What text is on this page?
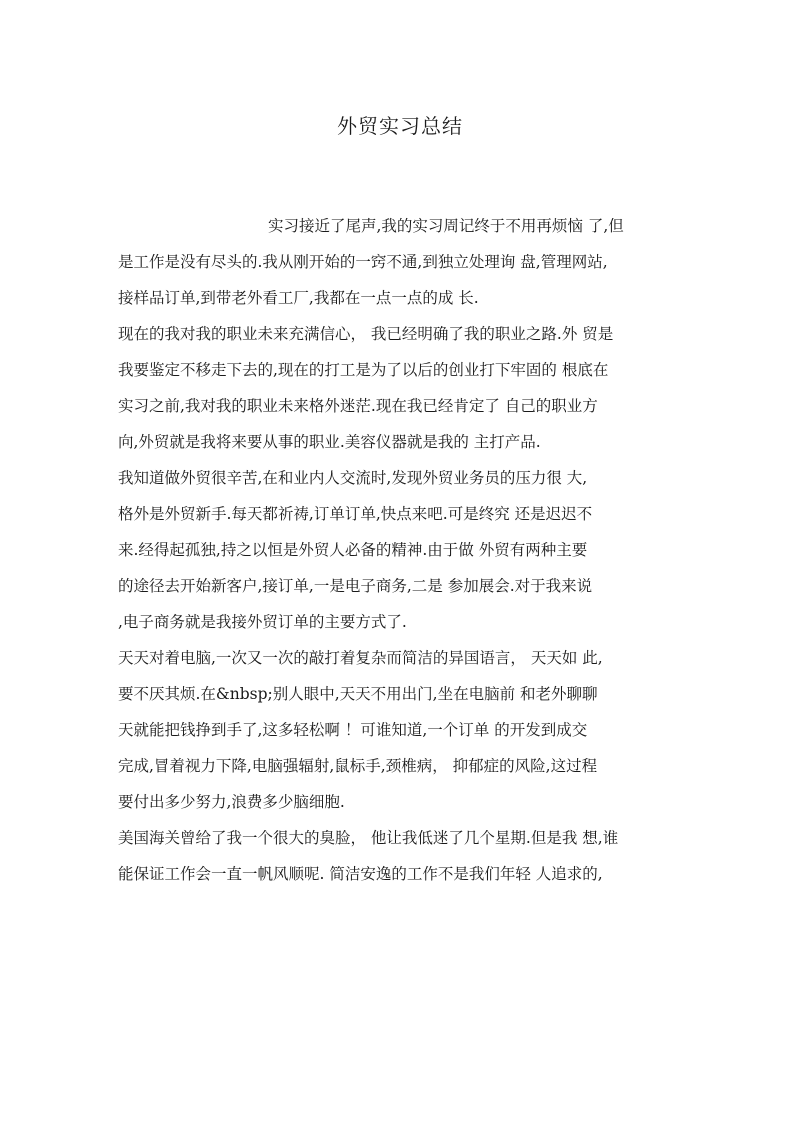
外贸实习总结
实习接近了尾声,我的实习周记终于不用再烦恼 了,但
是工作是没有尽头的.我从刚开始的一窍不通,到独立处理询 盘,管理网站,
接样品订单,到带老外看工厂,我都在一点一点的成 长.
现在的我对我的职业未来充满信心， 我已经明确了我的职业之路.外 贸是
我要鉴定不移走下去的,现在的打工是为了以后的创业打下牢固的 根底在
实习之前,我对我的职业未来格外迷茫.现在我已经肯定了 自己的职业方
向,外贸就是我将来要从事的职业.美容仪器就是我的 主打产品.
我知道做外贸很辛苦,在和业内人交流时,发现外贸业务员的压力很 大,
格外是外贸新手.每天都祈祷,订单订单,快点来吧.可是终究 还是迟迟不
来.经得起孤独,持之以恒是外贸人必备的精神.由于做 外贸有两种主要
的途径去开始新客户,接订单,一是电子商务,二是 参加展会.对于我来说
,电子商务就是我接外贸订单的主要方式了.
天天对着电脑,一次又一次的敲打着复杂而简洁的异国语言， 天天如 此,
要不厌其烦.在&nbsp;别人眼中,天天不用出门,坐在电脑前 和老外聊聊
天就能把钱挣到手了,这多轻松啊 ！可谁知道,一个订单 的开发到成交
完成,冒着视力下降,电脑强辐射,鼠标手,颈椎病， 抑郁症的风险,这过程
要付出多少努力,浪费多少脑细胞.
美国海关曾给了我一个很大的臭脸， 他让我低迷了几个星期.但是我 想,谁
能保证工作会一直一帆风顺呢. 简洁安逸的工作不是我们年轻 人追求的,
